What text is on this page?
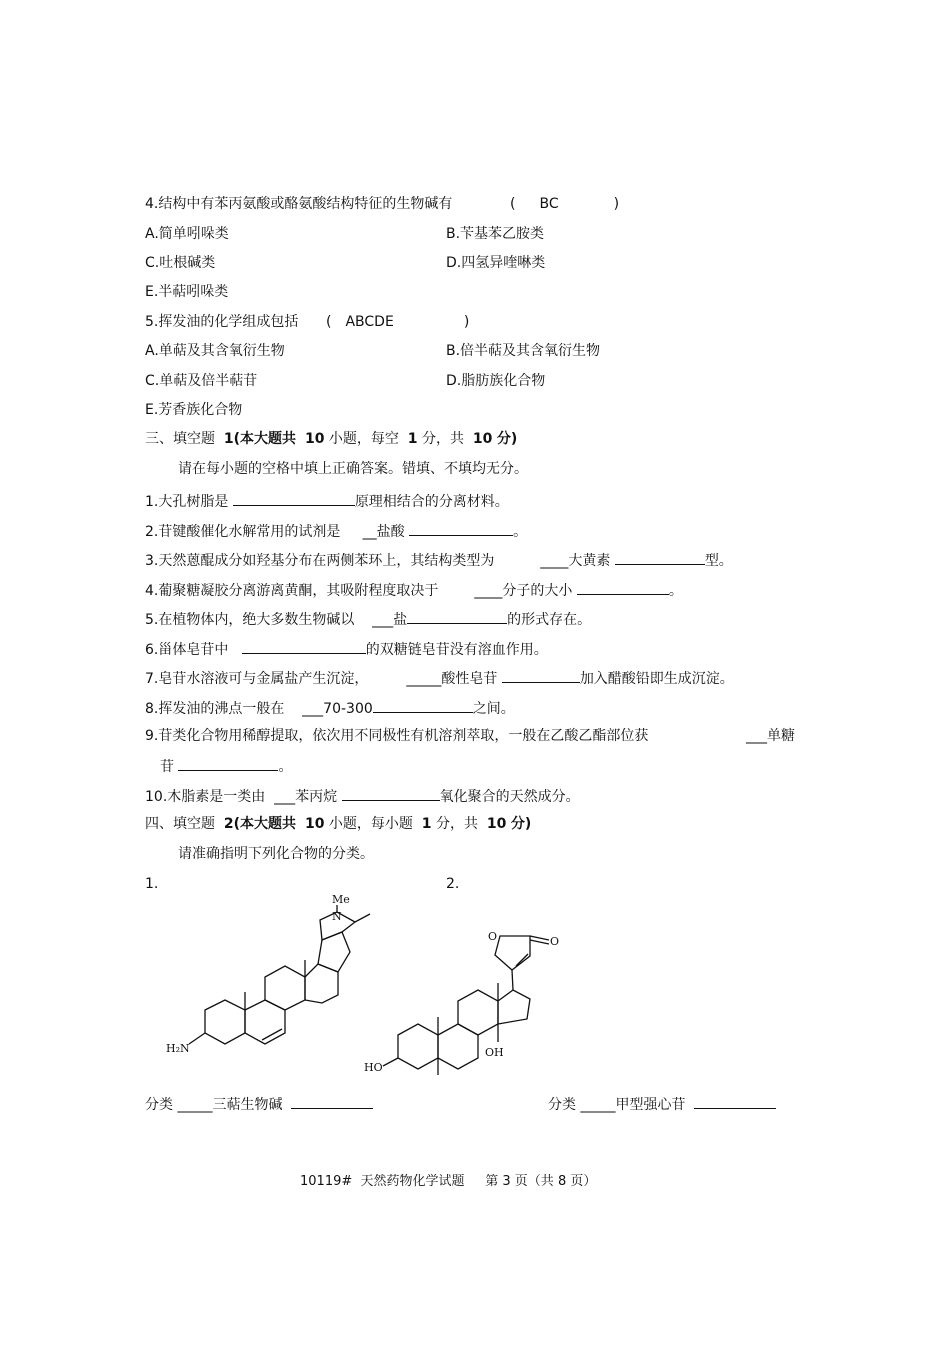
4.结构中有苯丙氨酸或酪氨酸结构特征的生物碱有	( BC	)
A.简单吲哚类	B.苄基苯乙胺类
C.吐根碱类	D.四氢异喹啉类
E.半萜吲哚类
5.挥发油的化学组成包括 ( ABCDE	)
A.单萜及其含氧衍生物	B.倍半萜及其含氧衍生物
C.单萜及倍半萜苷	D.脂肪族化合物
E.芳香族化合物
三、填空题 1(本大题共 10 小题，每空 1 分，共 10 分)
请在每小题的空格中填上正确答案。错填、不填均无分。
1.大孔树脂是	原理相结合的分离材料。
2.苷键酸催化水解常用的试剂是 __盐酸	。
3.天然蒽醌成分如羟基分布在两侧苯环上，其结构类型为	____大黄素	型。
4.葡聚糖凝胶分离游离黄酮，其吸附程度取决于	____分子的大小	。
5.在植物体内，绝大多数生物碱以 ___盐	的形式存在。
6.甾体皂苷中	的双糖链皂苷没有溶血作用。
7.皂苷水溶液可与金属盐产生沉淀，	_____酸性皂苷	加入醋酸铅即生成沉淀。
8.挥发油的沸点一般在 ___70-300	之间。
9.苷类化合物用稀醇提取，依次用不同极性有机溶剂萃取，一般在乙酸乙酯部位获	___单糖
苷	。
10.木脂素是一类由 ___苯丙烷	氧化聚合的天然成分。
四、填空题 2(本大题共 10 小题，每小题 1 分，共 10 分)
请准确指明下列化合物的分类。
1.	2.
Me
N
H₂N
O	O
HO
OH
分类 _____三萜生物碱	分类 _____甲型强心苷
10119# 天然药物化学试题 第 3 页（共 8 页）
